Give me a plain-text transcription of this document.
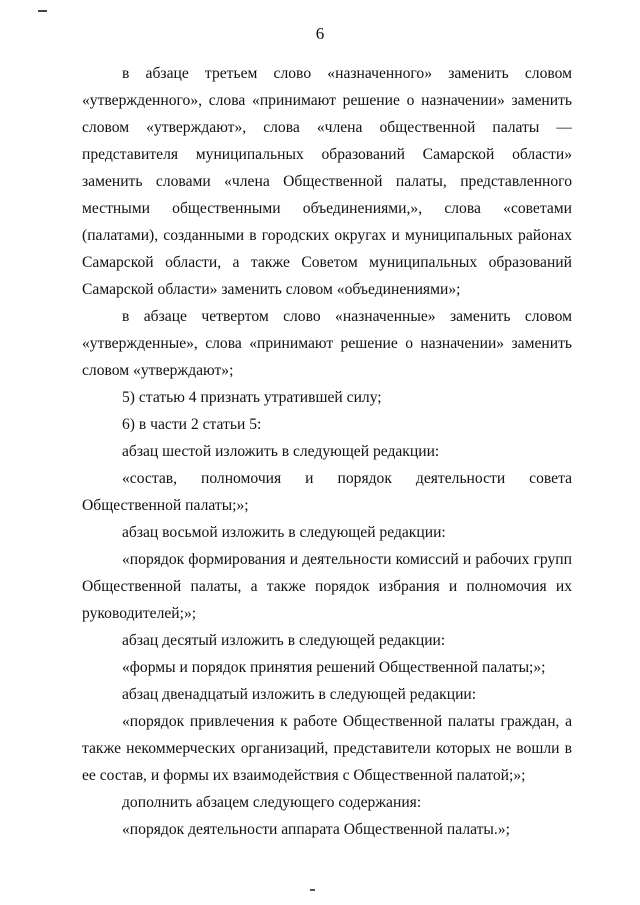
6

в абзаце третьем слово «назначенного» заменить словом «утвержденного», слова «принимают решение о назначении» заменить словом «утверждают», слова «члена общественной палаты — представителя муниципальных образований Самарской области» заменить словами «члена Общественной палаты, представленного местными общественными объединениями,», слова «советами (палатами), созданными в городских округах и муниципальных районах Самарской области, а также Советом муниципальных образований Самарской области» заменить словом «объединениями»;

в абзаце четвертом слово «назначенные» заменить словом «утвержденные», слова «принимают решение о назначении» заменить словом «утверждают»;

5) статью 4 признать утратившей силу;

6) в части 2 статьи 5:

абзац шестой изложить в следующей редакции:

«состав, полномочия и порядок деятельности совета Общественной палаты;»;

абзац восьмой изложить в следующей редакции:

«порядок формирования и деятельности комиссий и рабочих групп Общественной палаты, а также порядок избрания и полномочия их руководителей;»;

абзац десятый изложить в следующей редакции:

«формы и порядок принятия решений Общественной палаты;»;

абзац двенадцатый изложить в следующей редакции:

«порядок привлечения к работе Общественной палаты граждан, а также некоммерческих организаций, представители которых не вошли в ее состав, и формы их взаимодействия с Общественной палатой;»;

дополнить абзацем следующего содержания:

«порядок деятельности аппарата Общественной палаты.»;
